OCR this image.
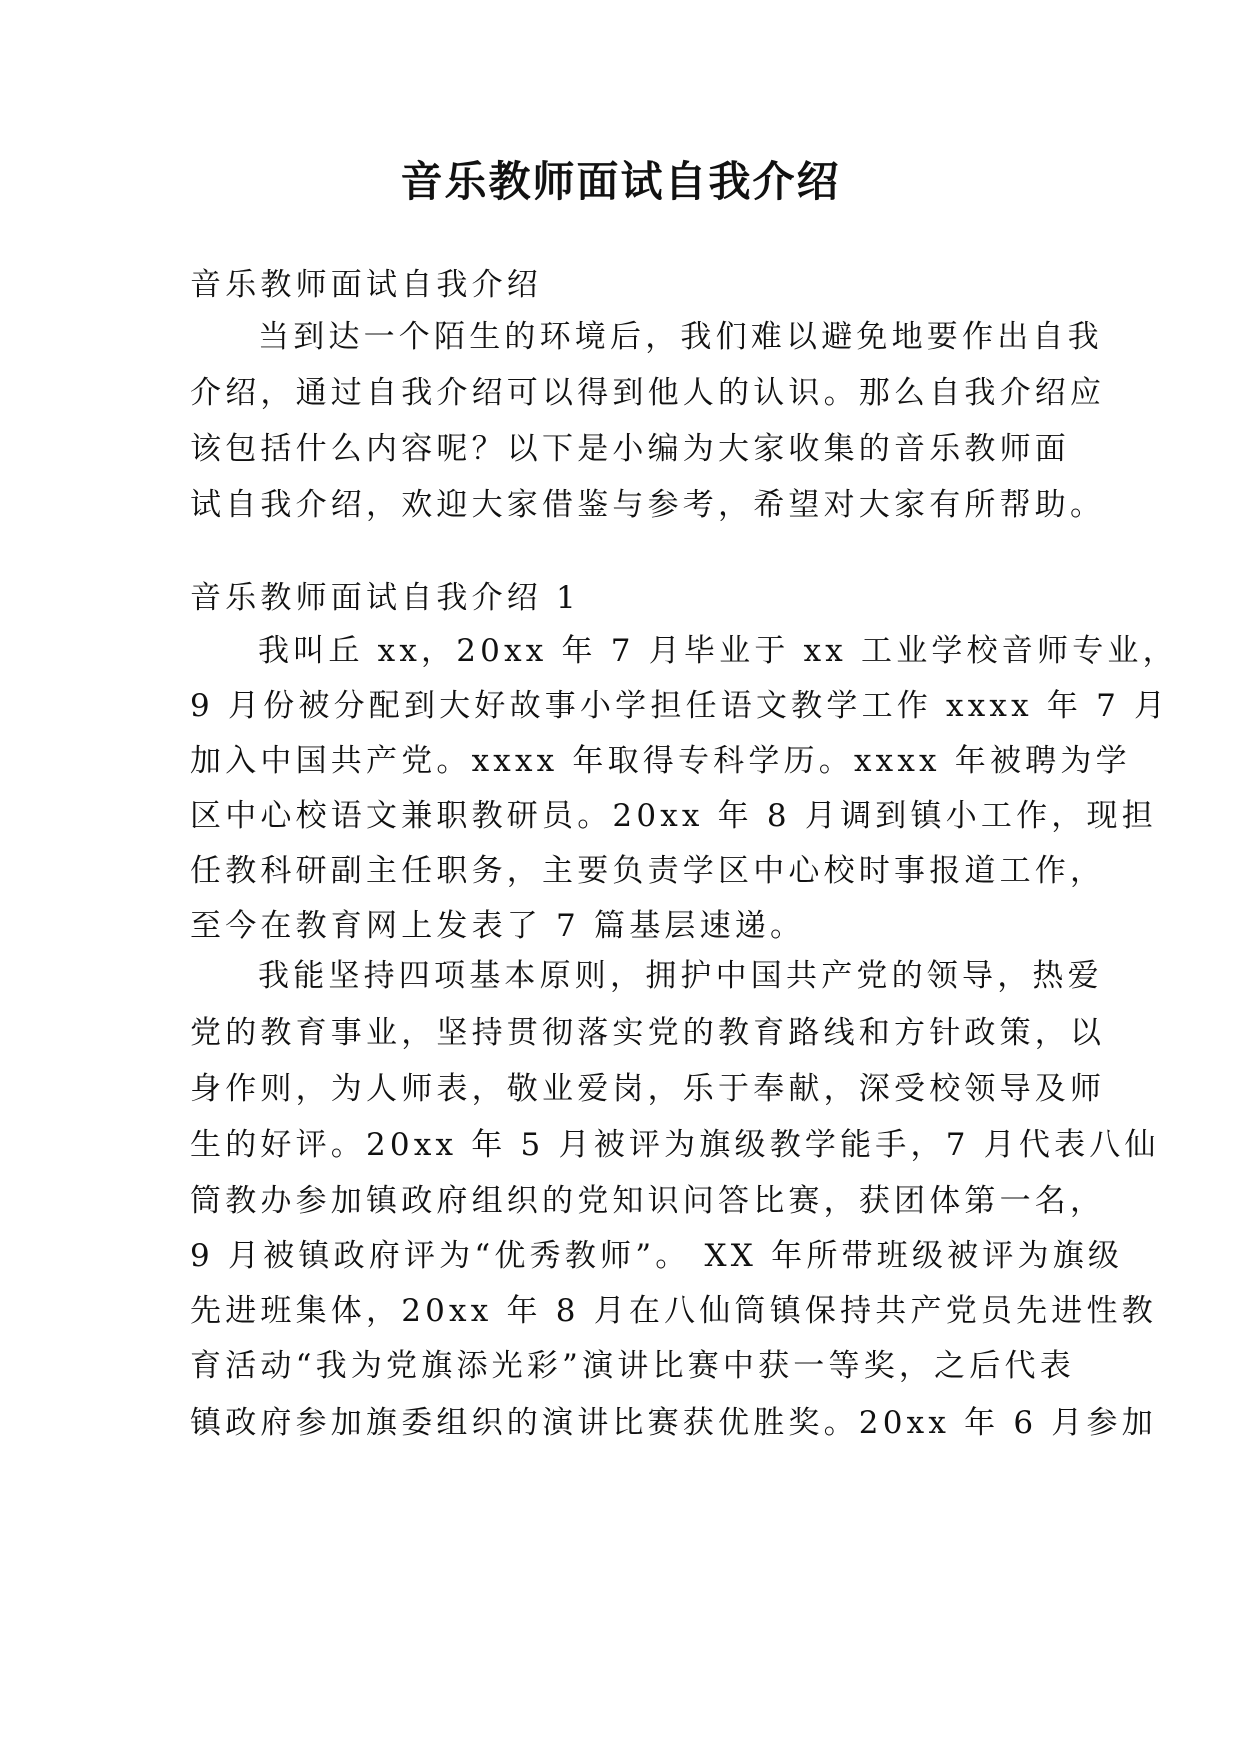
音乐教师面试自我介绍
音乐教师面试自我介绍
当到达一个陌生的环境后，我们难以避免地要作出自我
介绍，通过自我介绍可以得到他人的认识。那么自我介绍应
该包括什么内容呢？以下是小编为大家收集的音乐教师面
试自我介绍，欢迎大家借鉴与参考，希望对大家有所帮助。
音乐教师面试自我介绍 1
我叫丘 xx，20xx 年 7 月毕业于 xx 工业学校音师专业，
9 月份被分配到大好故事小学担任语文教学工作 xxxx 年 7 月
加入中国共产党。xxxx 年取得专科学历。xxxx 年被聘为学
区中心校语文兼职教研员。20xx 年 8 月调到镇小工作，现担
任教科研副主任职务，主要负责学区中心校时事报道工作，
至今在教育网上发表了 7 篇基层速递。
我能坚持四项基本原则，拥护中国共产党的领导，热爱
党的教育事业，坚持贯彻落实党的教育路线和方针政策，以
身作则，为人师表，敬业爱岗，乐于奉献，深受校领导及师
生的好评。20xx 年 5 月被评为旗级教学能手，7 月代表八仙
筒教办参加镇政府组织的党知识问答比赛，获团体第一名，
9 月被镇政府评为“优秀教师”。 XX 年所带班级被评为旗级
先进班集体，20xx 年 8 月在八仙筒镇保持共产党员先进性教
育活动“我为党旗添光彩”演讲比赛中获一等奖，之后代表
镇政府参加旗委组织的演讲比赛获优胜奖。20xx 年 6 月参加
